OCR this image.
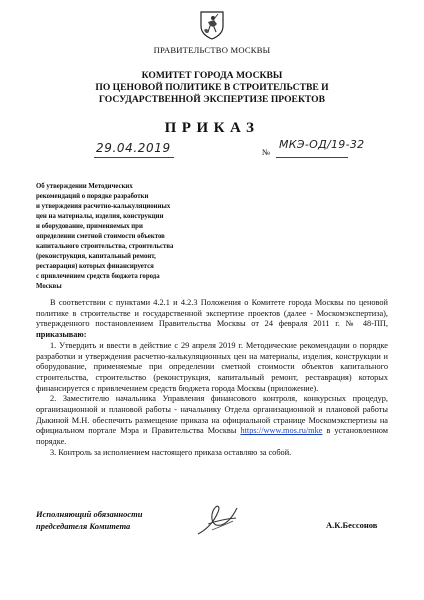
ПРАВИТЕЛЬСТВО МОСКВЫ
КОМИТЕТ ГОРОДА МОСКВЫ
ПО ЦЕНОВОЙ ПОЛИТИКЕ В СТРОИТЕЛЬСТВЕ И
ГОСУДАРСТВЕННОЙ ЭКСПЕРТИЗЕ ПРОЕКТОВ
ПРИКАЗ
29.04.2019	№
МКЭ-ОД/19-32
Об утверждении Методических
рекомендаций о порядке разработки
и утверждения расчетно-калькуляционных
цен на материалы, изделия, конструкции
и оборудование, применяемых при
определении сметной стоимости объектов
капитального строительства, строительства
(реконструкция, капитальный ремонт,
реставрация) которых финансируется
с привлечением средств бюджета города
Москвы

В соответствии с пунктами 4.2.1 и 4.2.3 Положения о Комитете города Москвы по ценовой политике в строительстве и государственной экспертизе проектов (далее - Москомэкспертиза), утвержденного постановлением Правительства Москвы от 24 февраля 2011 г. № 48-ПП, приказываю:

1. Утвердить и ввести в действие с 29 апреля 2019 г. Методические рекомендации о порядке разработки и утверждения расчетно-калькуляционных цен на материалы, изделия, конструкции и оборудование, применяемые при определении сметной стоимости объектов капитального строительства, строительство (реконструкция, капитальный ремонт, реставрация) которых финансируется с привлечением средств бюджета города Москвы (приложение).

2. Заместителю начальника Управления финансового контроля, конкурсных процедур, организационной и плановой работы - начальнику Отдела организационной и плановой работы Дыкиной М.Н. обеспечить размещение приказа на официальной странице Москомэкспертизы на официальном портале Мэра и Правительства Москвы https://www.mos.ru/mke в установленном порядке.

3. Контроль за исполнением настоящего приказа оставляю за собой.

Исполняющий обязанности
председателя Комитета	А.К.Бессонов
